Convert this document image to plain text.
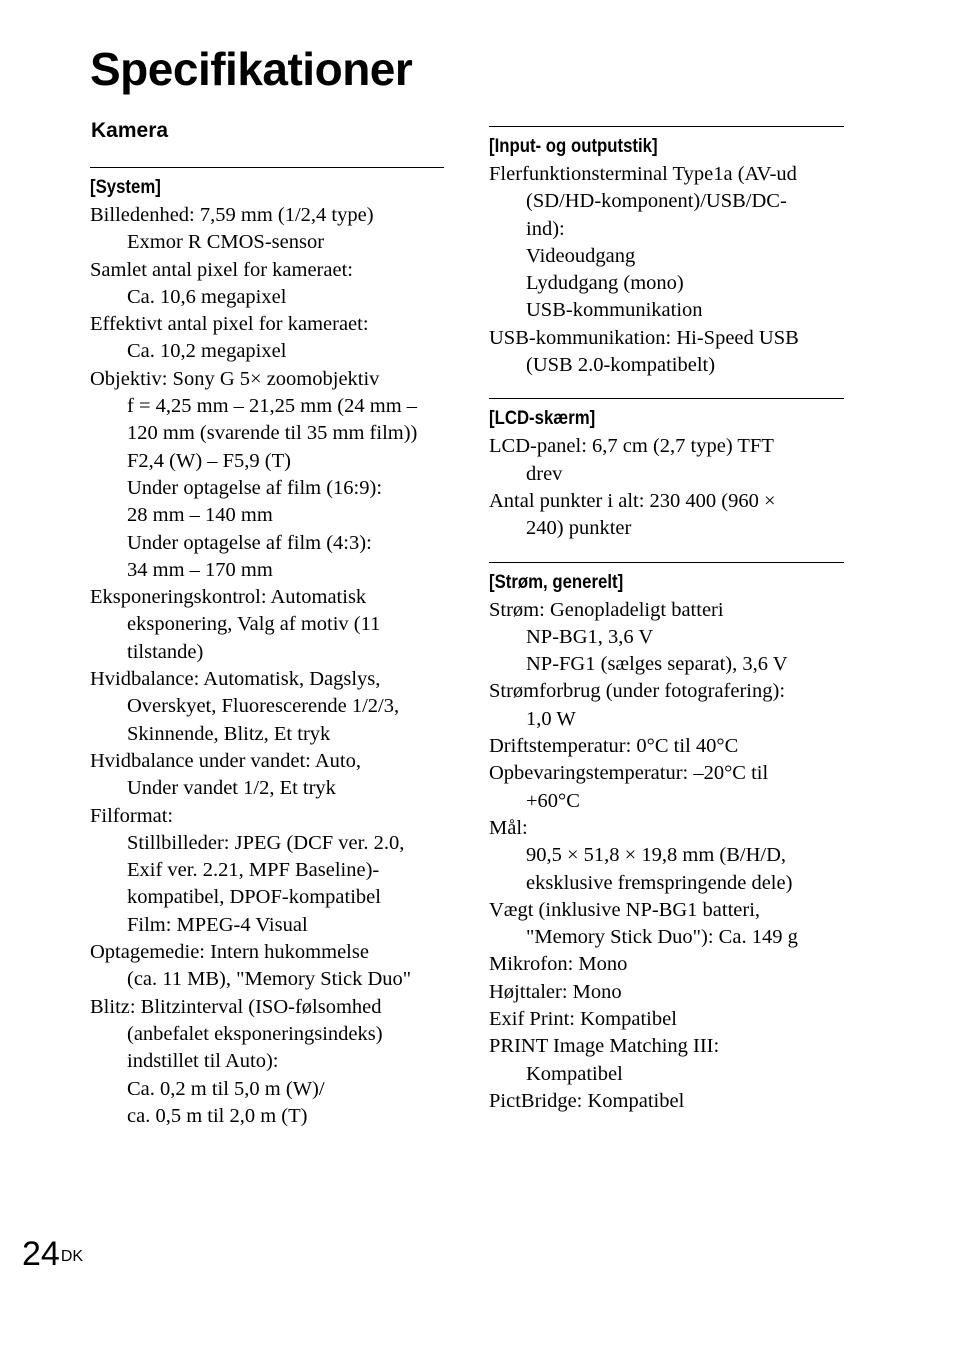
Specifikationer
Kamera
[System]
Billedenhed: 7,59 mm (1/2,4 type)
Exmor R CMOS-sensor
Samlet antal pixel for kameraet:
Ca. 10,6 megapixel
Effektivt antal pixel for kameraet:
Ca. 10,2 megapixel
Objektiv: Sony G 5× zoomobjektiv
f = 4,25 mm – 21,25 mm (24 mm –
120 mm (svarende til 35 mm film))
F2,4 (W) – F5,9 (T)
Under optagelse af film (16:9):
28 mm – 140 mm
Under optagelse af film (4:3):
34 mm – 170 mm
Eksponeringskontrol: Automatisk
eksponering, Valg af motiv (11
tilstande)
Hvidbalance: Automatisk, Dagslys,
Overskyet, Fluorescerende 1/2/3,
Skinnende, Blitz, Et tryk
Hvidbalance under vandet: Auto,
Under vandet 1/2, Et tryk
Filformat:
Stillbilleder: JPEG (DCF ver. 2.0,
Exif ver. 2.21, MPF Baseline)-
kompatibel, DPOF-kompatibel
Film: MPEG-4 Visual
Optagemedie: Intern hukommelse
(ca. 11 MB), "Memory Stick Duo"
Blitz: Blitzinterval (ISO-følsomhed
(anbefalet eksponeringsindeks)
indstillet til Auto):
Ca. 0,2 m til 5,0 m (W)/
ca. 0,5 m til 2,0 m (T)
[Input- og outputstik]
Flerfunktionsterminal Type1a (AV-ud
(SD/HD-komponent)/USB/DC-
ind):
Videoudgang
Lydudgang (mono)
USB-kommunikation
USB-kommunikation: Hi-Speed USB
(USB 2.0-kompatibelt)
[LCD-skærm]
LCD-panel: 6,7 cm (2,7 type) TFT
drev
Antal punkter i alt: 230 400 (960 ×
240) punkter
[Strøm, generelt]
Strøm: Genopladeligt batteri
NP-BG1, 3,6 V
NP-FG1 (sælges separat), 3,6 V
Strømforbrug (under fotografering):
1,0 W
Driftstemperatur: 0°C til 40°C
Opbevaringstemperatur: –20°C til
+60°C
Mål:
90,5 × 51,8 × 19,8 mm (B/H/D,
eksklusive fremspringende dele)
Vægt (inklusive NP-BG1 batteri,
"Memory Stick Duo"): Ca. 149 g
Mikrofon: Mono
Højttaler: Mono
Exif Print: Kompatibel
PRINT Image Matching III:
Kompatibel
PictBridge: Kompatibel
$24^{DK}$
